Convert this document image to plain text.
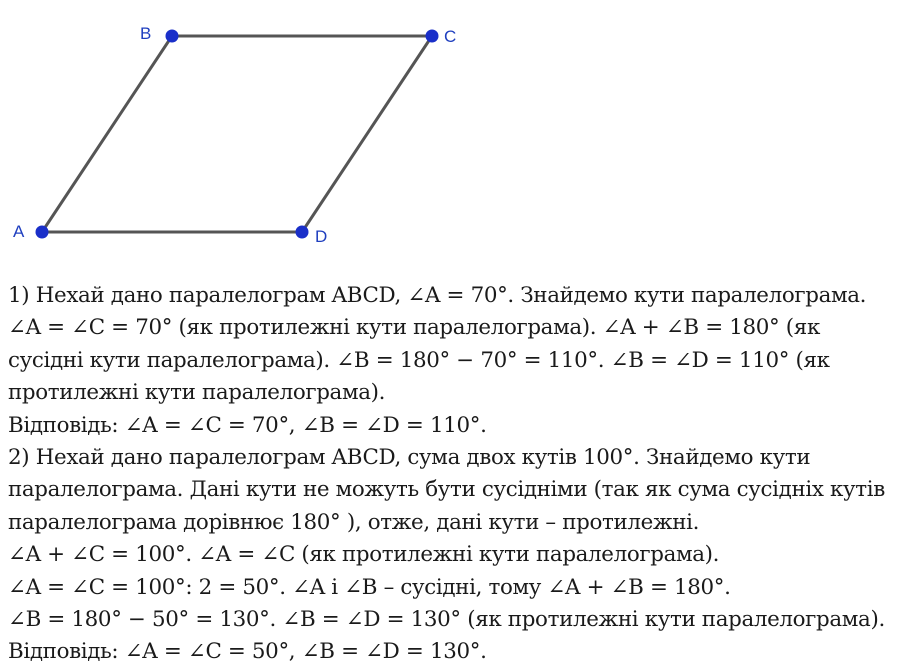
A
B	C
D
1) Нехай дано паралелограм ABCD, ∠A = 70°. Знайдемо кути паралелограма.
∠A = ∠C = 70° (як протилежні кути паралелограма). ∠A + ∠B = 180° (як
сусідні кути паралелограма). ∠B = 180° − 70° = 110°. ∠B = ∠D = 110° (як
протилежні кути паралелограма).
Відповідь: ∠A = ∠C = 70°, ∠B = ∠D = 110°.
2) Нехай дано паралелограм ABCD, сума двох кутів 100°. Знайдемо кути
паралелограма. Дані кути не можуть бути сусідніми (так як сума сусідніх кутів
паралелограма дорівнює 180° ), отже, дані кути – протилежні.
∠A + ∠C = 100°. ∠A = ∠C (як протилежні кути паралелограма).
∠A = ∠C = 100°: 2 = 50°. ∠A і ∠B – сусідні, тому ∠A + ∠B = 180°.
∠B = 180° − 50° = 130°. ∠B = ∠D = 130° (як протилежні кути паралелограма).
Відповідь: ∠A = ∠C = 50°, ∠B = ∠D = 130°.
